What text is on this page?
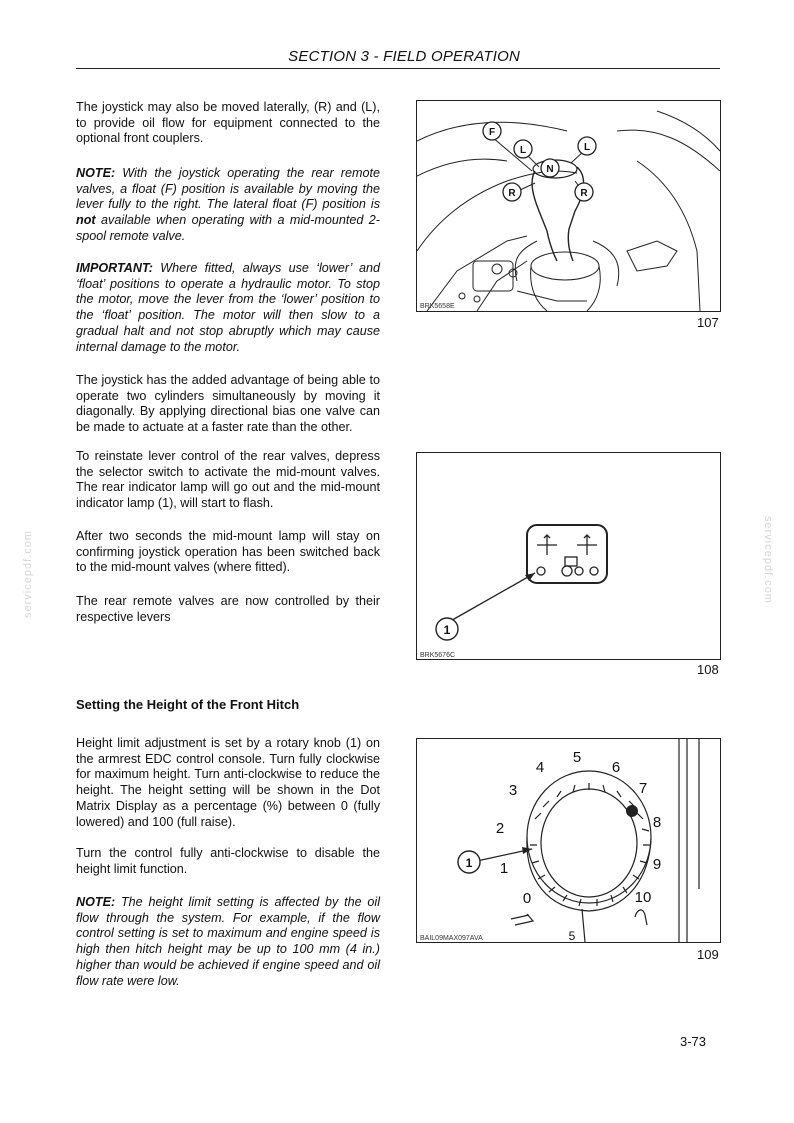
SECTION 3 - FIELD OPERATION
servicepdf.com	servicepdf.com

The joystick may also be moved laterally, (R) and (L), to provide oil flow for equipment connected to the optional front couplers.

NOTE: With the joystick operating the rear remote valves, a float (F) position is available by moving the lever fully to the right. The lateral float (F) position is not available when operating with a mid-mounted 2-spool remote valve.

IMPORTANT: Where fitted, always use ‘lower’ and ‘float’ positions to operate a hydraulic motor. To stop the motor, move the lever from the ‘lower’ position to the ‘float’ position. The motor will then slow to a gradual halt and not stop abruptly which may cause internal damage to the motor.

The joystick has the added advantage of being able to operate two cylinders simultaneously by moving it diagonally. By applying directional bias one valve can be made to actuate at a faster rate than the other.

To reinstate lever control of the rear valves, depress the selector switch to activate the mid-mount valves. The rear indicator lamp will go out and the mid-mount indicator lamp (1), will start to flash.

After two seconds the mid-mount lamp will stay on confirming joystick operation has been switched back to the mid-mount valves (where fitted).

The rear remote valves are now controlled by their respective levers

Setting the Height of the Front Hitch

Height limit adjustment is set by a rotary knob (1) on the armrest EDC control console. Turn fully clockwise for maximum height. Turn anti-clockwise to reduce the height. The height setting will be shown in the Dot Matrix Display as a percentage (%) between 0 (fully lowered) and 100 (full raise).

Turn the control fully anti-clockwise to disable the height limit function.

NOTE: The height limit setting is affected by the oil flow through the system. For example, if the flow control setting is set to maximum and engine speed is high then hitch height may be up to 100 mm (4 in.) higher than would be achieved if engine speed and oil flow rate were low.

F
L	L
N
R	R
BRK5658E
107
1
BRK5676C
108
1
0
1
2
3
4
5
6
7
8
9
10
5
BAIL09MAX097AVA
109
3-73
